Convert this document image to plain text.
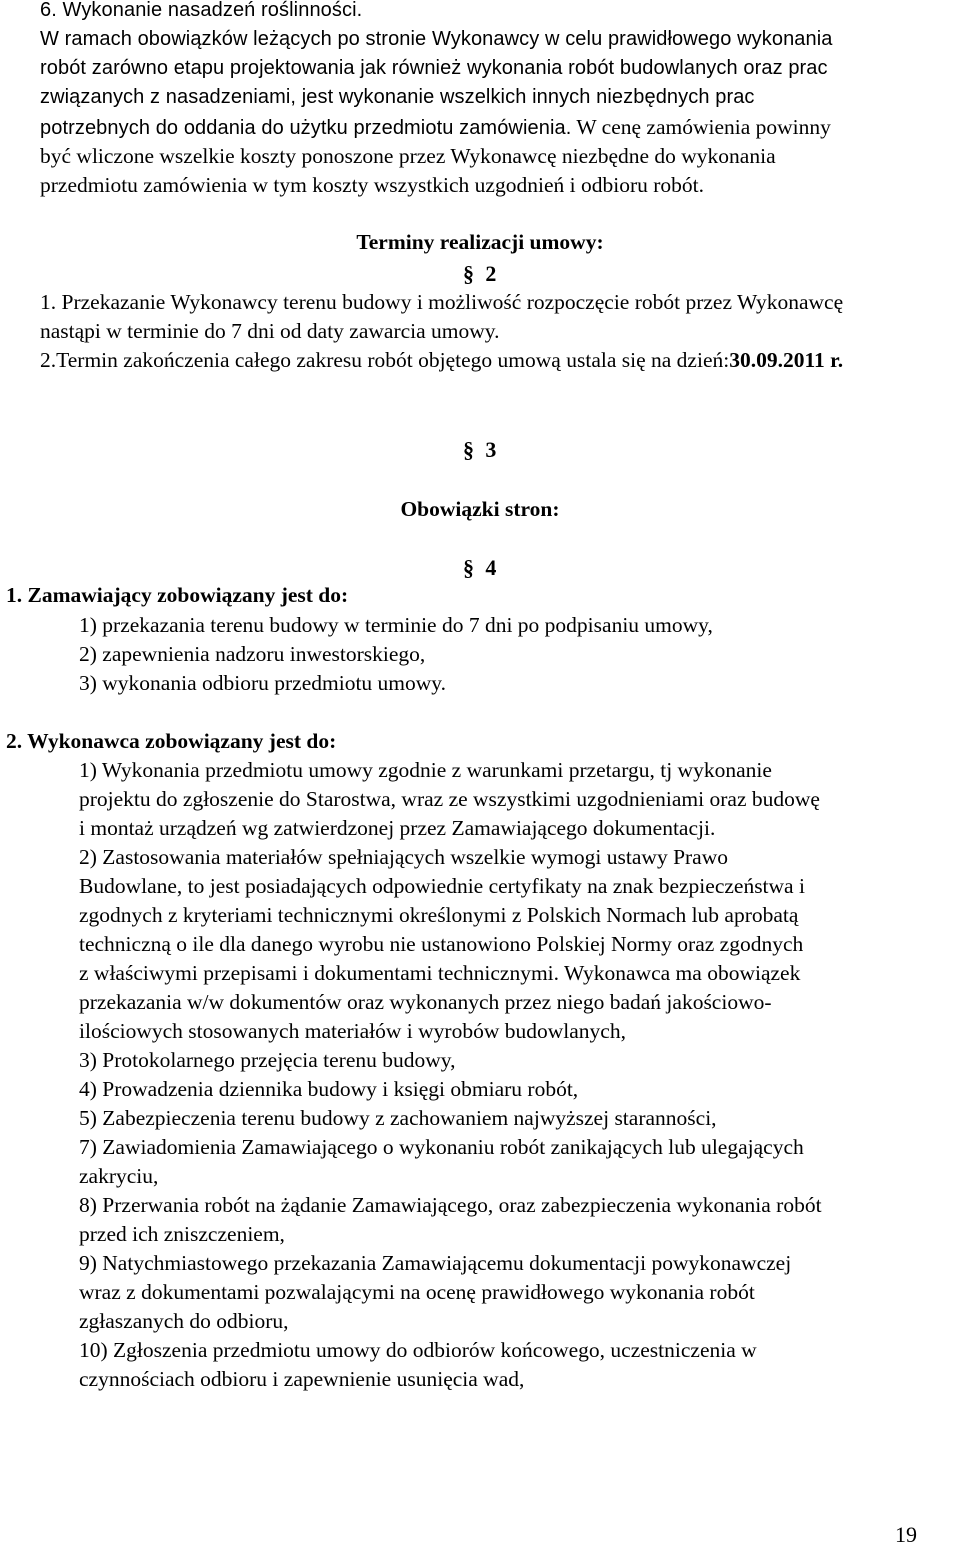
6. Wykonanie nasadzeń roślinności.
W ramach obowiązków leżących po stronie Wykonawcy w celu prawidłowego wykonania
robót zarówno etapu projektowania jak również wykonania robót budowlanych oraz prac
związanych z nasadzeniami, jest wykonanie wszelkich innych niezbędnych prac
potrzebnych do oddania do użytku przedmiotu zamówienia. W cenę zamówienia powinny
być wliczone wszelkie koszty ponoszone przez Wykonawcę niezbędne do wykonania
przedmiotu zamówienia w tym koszty wszystkich uzgodnień i odbioru robót.
Terminy realizacji umowy:
§ 2
1. Przekazanie Wykonawcy terenu budowy i możliwość rozpoczęcie robót przez Wykonawcę
nastąpi w terminie do 7 dni od daty zawarcia umowy.
2.Termin zakończenia całego zakresu robót objętego umową ustala się na dzień:30.09.2011 r.
§ 3
Obowiązki stron:
§ 4
1. Zamawiający zobowiązany jest do:
1) przekazania terenu budowy w terminie do 7 dni po podpisaniu umowy,
2) zapewnienia nadzoru inwestorskiego,
3) wykonania odbioru przedmiotu umowy.
2. Wykonawca zobowiązany jest do:
1) Wykonania przedmiotu umowy zgodnie z warunkami przetargu, tj wykonanie
projektu do zgłoszenie do Starostwa, wraz ze wszystkimi uzgodnieniami oraz budowę
i montaż urządzeń wg zatwierdzonej przez Zamawiającego dokumentacji.
2) Zastosowania materiałów spełniających wszelkie wymogi ustawy Prawo
Budowlane, to jest posiadających odpowiednie certyfikaty na znak bezpieczeństwa i
zgodnych z kryteriami technicznymi określonymi z Polskich Normach lub aprobatą
techniczną o ile dla danego wyrobu nie ustanowiono Polskiej Normy oraz zgodnych
z właściwymi przepisami i dokumentami technicznymi. Wykonawca ma obowiązek
przekazania w/w dokumentów oraz wykonanych przez niego badań jakościowo-
ilościowych stosowanych materiałów i wyrobów budowlanych,
3) Protokolarnego przejęcia terenu budowy,
4) Prowadzenia dziennika budowy i księgi obmiaru robót,
5) Zabezpieczenia terenu budowy z zachowaniem najwyższej staranności,
7) Zawiadomienia Zamawiającego o wykonaniu robót zanikających lub ulegających
zakryciu,
8) Przerwania robót na żądanie Zamawiającego, oraz zabezpieczenia wykonania robót
przed ich zniszczeniem,
9) Natychmiastowego przekazania Zamawiającemu dokumentacji powykonawczej
wraz z dokumentami pozwalającymi na ocenę prawidłowego wykonania robót
zgłaszanych do odbioru,
10) Zgłoszenia przedmiotu umowy do odbiorów końcowego, uczestniczenia w
czynnościach odbioru i zapewnienie usunięcia wad,
19
